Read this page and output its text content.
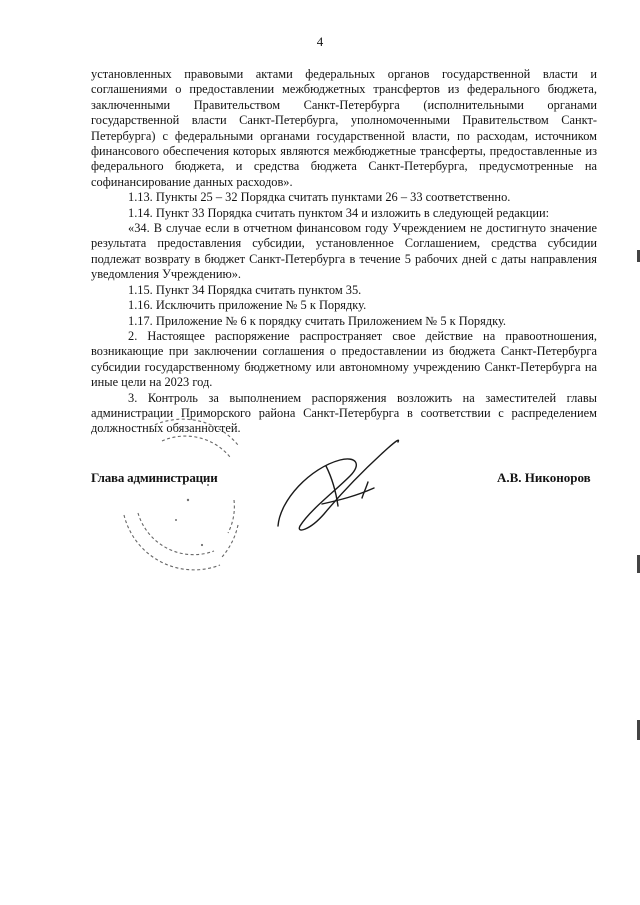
4

установленных правовыми актами федеральных органов государственной власти и соглашениями о предоставлении межбюджетных трансфертов из федерального бюджета, заключенными Правительством Санкт-Петербурга (исполнительными органами государственной власти Санкт-Петербурга, уполномоченными Правительством Санкт-Петербурга) с федеральными органами государственной власти, по расходам, источником финансового обеспечения которых являются межбюджетные трансферты, предоставленные из федерального бюджета, и средства бюджета Санкт-Петербурга, предусмотренные на софинансирование данных расходов».

1.13. Пункты 25 – 32 Порядка считать пунктами 26 – 33 соответственно.

1.14. Пункт 33 Порядка считать пунктом 34 и изложить в следующей редакции:

«34. В случае если в отчетном финансовом году Учреждением не достигнуто значение результата предоставления субсидии, установленное Соглашением, средства субсидии подлежат возврату в бюджет Санкт-Петербурга в течение 5 рабочих дней с даты направления уведомления Учреждению».

1.15. Пункт 34 Порядка считать пунктом 35.

1.16. Исключить приложение № 5 к Порядку.

1.17. Приложение № 6 к порядку считать Приложением № 5 к Порядку.

2. Настоящее распоряжение распространяет свое действие на правоотношения, возникающие при заключении соглашения о предоставлении из бюджета Санкт-Петербурга субсидии государственному бюджетному или автономному учреждению Санкт-Петербурга на иные цели на 2023 год.

3. Контроль за выполнением распоряжения возложить на заместителей главы администрации Приморского района Санкт-Петербурга в соответствии с распределением должностных обязанностей.

Глава администрации	А.В. Никоноров
